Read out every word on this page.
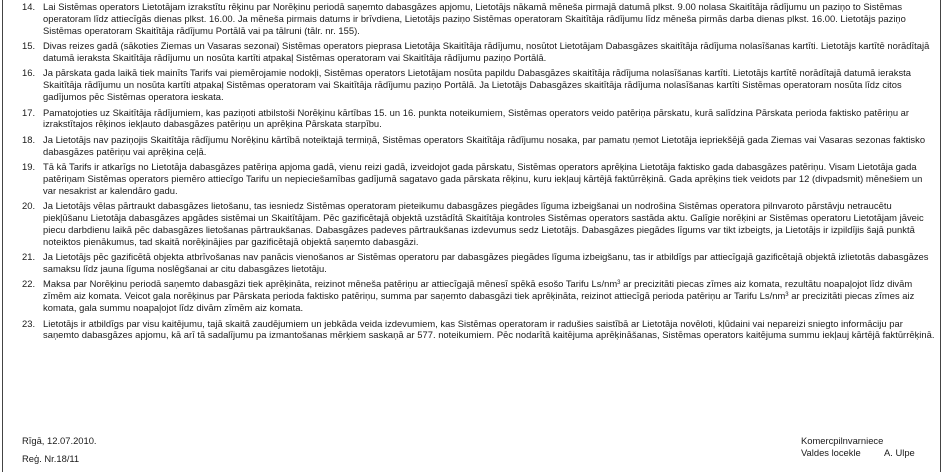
14. Lai Sistēmas operators Lietotājam izrakstītu rēķinu par Norēķinu periodā saņemto dabasgāzes apjomu, Lietotājs nākamā mēneša pirmajā datumā plkst. 9.00 nolasa Skaitītāja rādījumu un paziņo to Sistēmas operatoram līdz attiecīgās dienas plkst. 16.00. Ja mēneša pirmais datums ir brīvdiena, Lietotājs paziņo Sistēmas operatoram Skaitītāja rādījumu līdz mēneša pirmās darba dienas plkst. 16.00. Lietotājs paziņo Sistēmas operatoram Skaitītāja rādījumu Portālā vai pa tālruni (tālr. nr. 155).
15. Divas reizes gadā (sākoties Ziemas un Vasaras sezonai) Sistēmas operators pieprasa Lietotāja Skaitītāja rādījumu, nosūtot Lietotājam Dabasgāzes skaitītāja rādījuma nolasīšanas kartīti. Lietotājs kartītē norādītajā datumā ieraksta Skaitītāja rādījumu un nosūta kartīti atpakaļ Sistēmas operatoram vai Skaitītāja rādījumu paziņo Portālā.
16. Ja pārskata gada laikā tiek mainīts Tarifs vai piemērojamie nodokļi, Sistēmas operators Lietotājam nosūta papildu Dabasgāzes skaitītāja rādījuma nolasīšanas kartīti. Lietotājs kartītē norādītajā datumā ieraksta Skaitītāja rādījumu un nosūta kartīti atpakaļ Sistēmas operatoram vai Skaitītāja rādījumu paziņo Portālā. Ja Lietotājs Dabasgāzes skaitītāja rādījuma nolasīšanas kartīti Sistēmas operatoram nosūta līdz citos gadījumos pēc Sistēmas operatora ieskata.
17. Pamatojoties uz Skaitītāja rādījumiem, kas paziņoti atbilstoši Norēķinu kārtības 15. un 16. punkta noteikumiem, Sistēmas operators veido patēriņa pārskatu, kurā salīdzina Pārskata perioda faktisko patēriņu ar izrakstītajos rēķinos iekļauto dabasgāzes patēriņu un aprēķina Pārskata starpību.
18. Ja Lietotājs nav paziņojis Skaitītāja rādījumu Norēķinu kārtībā noteiktajā termiņā, Sistēmas operators Skaitītāja rādījumu nosaka, par pamatu ņemot Lietotāja iepriekšējā gada Ziemas vai Vasaras sezonas faktisko dabasgāzes patēriņu vai aprēķina ceļā.
19. Tā kā Tarifs ir atkarīgs no Lietotāja dabasgāzes patēriņa apjoma gadā, vienu reizi gadā, izveidojot gada pārskatu, Sistēmas operators aprēķina Lietotāja faktisko gada dabasgāzes patēriņu. Visam Lietotāja gada patēriņam Sistēmas operators piemēro attiecīgo Tarifu un nepieciešamības gadījumā sagatavo gada pārskata rēķinu, kuru iekļauj kārtējā faktūrrēķinā. Gada aprēķins tiek veidots par 12 (divpadsmit) mēnešiem un var nesakrist ar kalendāro gadu.
20. Ja Lietotājs vēlas pārtraukt dabasgāzes lietošanu, tas iesniedz Sistēmas operatoram pieteikumu dabasgāzes piegādes līguma izbeigšanai un nodrošina Sistēmas operatora pilnvaroto pārstāvju netraucētu piekļūšanu Lietotāja dabasgāzes apgādes sistēmai un Skaitītājam. Pēc gazificētajā objektā uzstādītā Skaitītāja kontroles Sistēmas operators sastāda aktu. Galīgie norēķini ar Sistēmas operatoru Lietotājam jāveic piecu darbdienu laikā pēc dabasgāzes lietošanas pārtraukšanas. Dabasgāzes padeves pārtraukšanas izdevumus sedz Lietotājs. Dabasgāzes piegādes līgums var tikt izbeigts, ja Lietotājs ir izpildījis šajā punktā noteiktos pienākumus, tad skaitā norēķinājies par gazificētajā objektā saņemto dabasgāzi.
21. Ja Lietotājs pēc gazificētā objekta atbrīvošanas nav panācis vienošanos ar Sistēmas operatoru par dabasgāzes piegādes līguma izbeigšanu, tas ir atbildīgs par attiecīgajā gazificētajā objektā izlietotās dabasgāzes samaksu līdz jauna līguma noslēgšanai ar citu dabasgāzes lietotāju.
22. Maksa par Norēķinu periodā saņemto dabasgāzi tiek aprēķināta, reizinot mēneša patēriņu ar attiecīgajā mēnesī spēkā esošo Tarifu $Ls/nm^3$ ar precizitāti piecas zīmes aiz komata, rezultātu noapaļojot līdz divām zīmēm aiz komata. Veicot gala norēķinus par Pārskata perioda faktisko patēriņu, summa par saņemto dabasgāzi tiek aprēķināta, reizinot attiecīgā perioda patēriņu ar Tarifu $Ls/nm^3$ ar precizitāti piecas zīmes aiz komata, gala summu noapaļojot līdz divām zīmēm aiz komata.
23. Lietotājs ir atbildīgs par visu kaitējumu, tajā skaitā zaudējumiem un jebkāda veida izdevumiem, kas Sistēmas operatoram ir radušies saistībā ar Lietotāja novēloti, kļūdaini vai nepareizi sniegto informāciju par saņemto dabasgāzes apjomu, kā arī tā sadalījumu pa izmantošanas mērķiem saskaņā ar 577. noteikumiem. Pēc nodarītā kaitējuma aprēķināšanas, Sistēmas operators kaitējuma summu iekļauj kārtējā faktūrrēķinā.
Rīgā, 12.07.2010.
Reģ. Nr.18/11
Komercpilnvarniece
Valdes locekle A. Ulpe
